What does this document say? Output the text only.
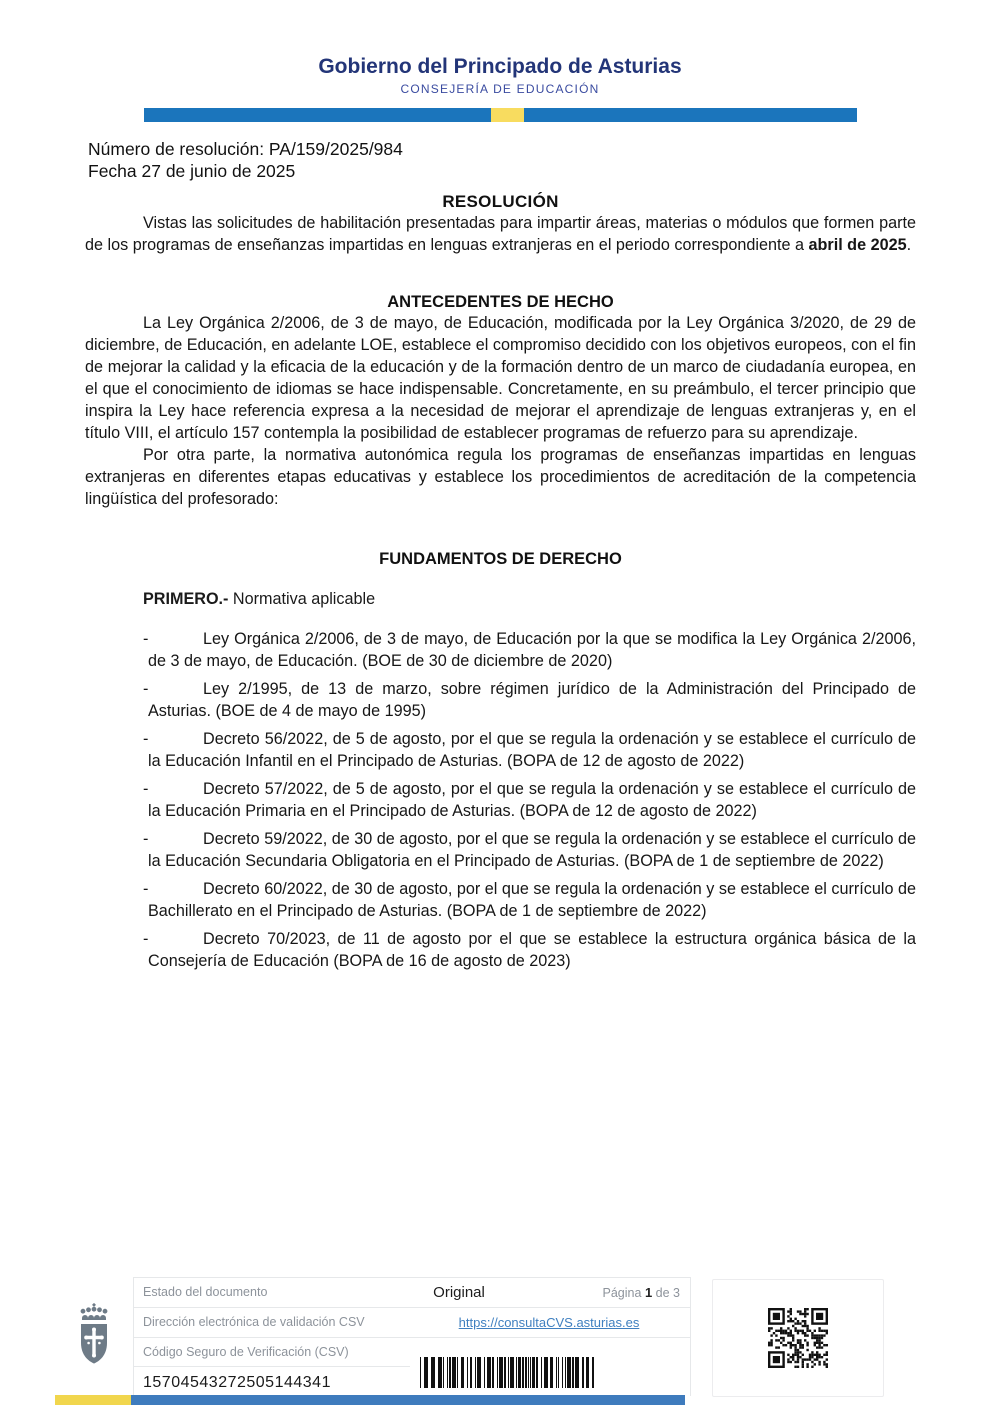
Gobierno del Principado de Asturias
CONSEJERÍA DE EDUCACIÓN
Número de resolución: PA/159/2025/984
Fecha 27 de junio de 2025
RESOLUCIÓN

Vistas las solicitudes de habilitación presentadas para impartir áreas, materias o módulos que formen parte de los programas de enseñanzas impartidas en lenguas extranjeras en el periodo correspondiente a abril de 2025.

ANTECEDENTES DE HECHO

La Ley Orgánica 2/2006, de 3 de mayo, de Educación, modificada por la Ley Orgánica 3/2020, de 29 de diciembre, de Educación, en adelante LOE, establece el compromiso decidido con los objetivos europeos, con el fin de mejorar la calidad y la eficacia de la educación y de la formación dentro de un marco de ciudadanía europea, en el que el conocimiento de idiomas se hace indispensable. Concretamente, en su preámbulo, el tercer principio que inspira la Ley hace referencia expresa a la necesidad de mejorar el aprendizaje de lenguas extranjeras y, en el título VIII, el artículo 157 contempla la posibilidad de establecer programas de refuerzo para su aprendizaje.

Por otra parte, la normativa autonómica regula los programas de enseñanzas impartidas en lenguas extranjeras en diferentes etapas educativas y establece los procedimientos de acreditación de la competencia lingüística del profesorado:

FUNDAMENTOS DE DERECHO
PRIMERO.- Normativa aplicable
-	Ley Orgánica 2/2006, de 3 de mayo, de Educación por la que se modifica la Ley Orgánica 2/2006, de 3 de mayo, de Educación. (BOE de 30 de diciembre de 2020)
-	Ley 2/1995, de 13 de marzo, sobre régimen jurídico de la Administración del Principado de Asturias. (BOE de 4 de mayo de 1995)
-	Decreto 56/2022, de 5 de agosto, por el que se regula la ordenación y se establece el currículo de la Educación Infantil en el Principado de Asturias. (BOPA de 12 de agosto de 2022)
-	Decreto 57/2022, de 5 de agosto, por el que se regula la ordenación y se establece el currículo de la Educación Primaria en el Principado de Asturias. (BOPA de 12 de agosto de 2022)
-	Decreto 59/2022, de 30 de agosto, por el que se regula la ordenación y se establece el currículo de la Educación Secundaria Obligatoria en el Principado de Asturias. (BOPA de 1 de septiembre de 2022)
-	Decreto 60/2022, de 30 de agosto, por el que se regula la ordenación y se establece el currículo de Bachillerato en el Principado de Asturias. (BOPA de 1 de septiembre de 2022)
-	Decreto 70/2023, de 11 de agosto por el que se establece la estructura orgánica básica de la Consejería de Educación (BOPA de 16 de agosto de 2023)
Estado del documento	Original	Página 1 de 3
Dirección electrónica de validación CSV	https://consultaCVS.asturias.es
Código Seguro de Verificación (CSV)
15704543272505144341
